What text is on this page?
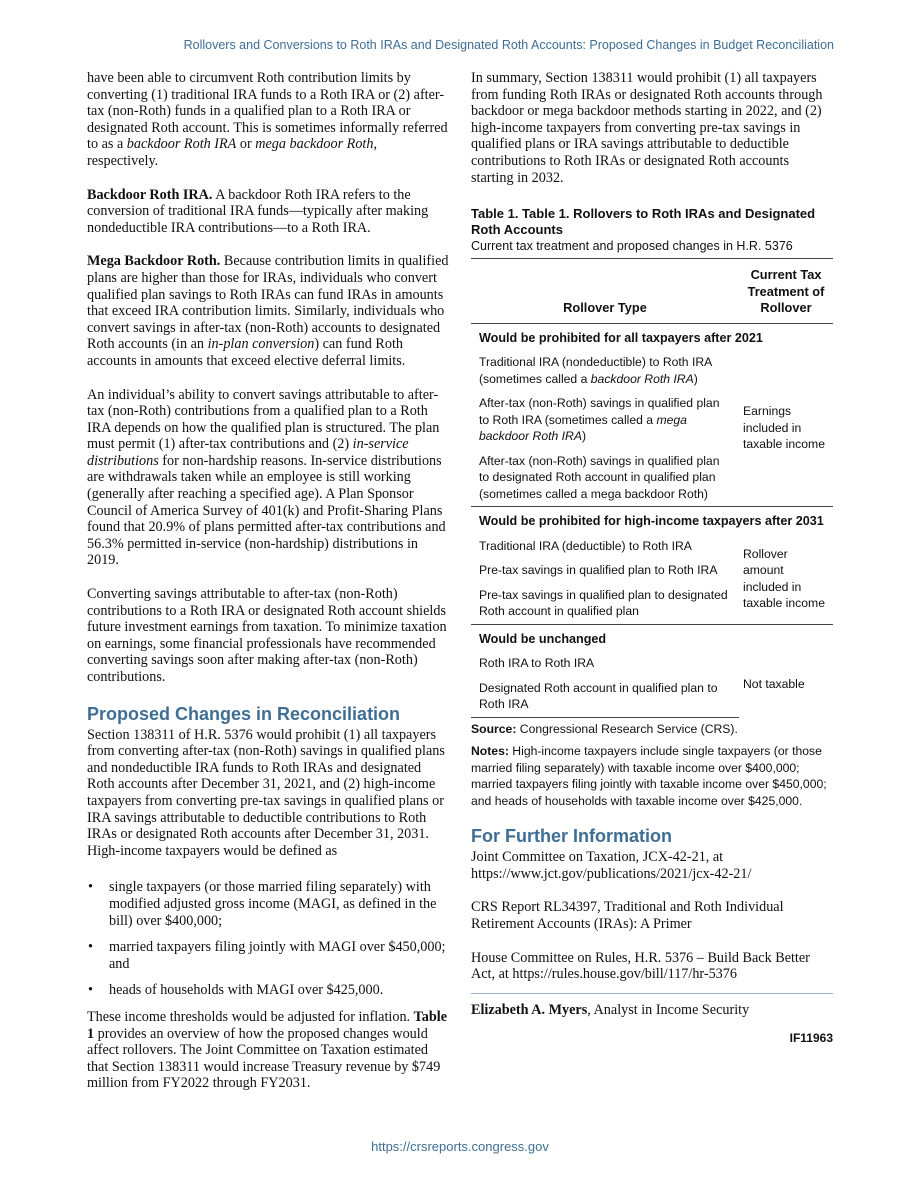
Rollovers and Conversions to Roth IRAs and Designated Roth Accounts: Proposed Changes in Budget Reconciliation

have been able to circumvent Roth contribution limits by converting (1) traditional IRA funds to a Roth IRA or (2) after-tax (non-Roth) funds in a qualified plan to a Roth IRA or designated Roth account. This is sometimes informally referred to as a backdoor Roth IRA or mega backdoor Roth, respectively.

Backdoor Roth IRA. A backdoor Roth IRA refers to the conversion of traditional IRA funds—typically after making nondeductible IRA contributions—to a Roth IRA.

Mega Backdoor Roth. Because contribution limits in qualified plans are higher than those for IRAs, individuals who convert qualified plan savings to Roth IRAs can fund IRAs in amounts that exceed IRA contribution limits. Similarly, individuals who convert savings in after-tax (non-Roth) accounts to designated Roth accounts (in an in-plan conversion) can fund Roth accounts in amounts that exceed elective deferral limits.

An individual’s ability to convert savings attributable to after-tax (non-Roth) contributions from a qualified plan to a Roth IRA depends on how the qualified plan is structured. The plan must permit (1) after-tax contributions and (2) in-service distributions for non-hardship reasons. In-service distributions are withdrawals taken while an employee is still working (generally after reaching a specified age). A Plan Sponsor Council of America Survey of 401(k) and Profit-Sharing Plans found that 20.9% of plans permitted after-tax contributions and 56.3% permitted in-service (non-hardship) distributions in 2019.

Converting savings attributable to after-tax (non-Roth) contributions to a Roth IRA or designated Roth account shields future investment earnings from taxation. To minimize taxation on earnings, some financial professionals have recommended converting savings soon after making after-tax (non-Roth) contributions.

Proposed Changes in Reconciliation

Section 138311 of H.R. 5376 would prohibit (1) all taxpayers from converting after-tax (non-Roth) savings in qualified plans and nondeductible IRA funds to Roth IRAs and designated Roth accounts after December 31, 2021, and (2) high-income taxpayers from converting pre-tax savings in qualified plans or IRA savings attributable to deductible contributions to Roth IRAs or designated Roth accounts after December 31, 2031. High-income taxpayers would be defined as

• single taxpayers (or those married filing separately) with modified adjusted gross income (MAGI, as defined in the bill) over $400,000;
• married taxpayers filing jointly with MAGI over $450,000; and
• heads of households with MAGI over $425,000.

These income thresholds would be adjusted for inflation. Table 1 provides an overview of how the proposed changes would affect rollovers. The Joint Committee on Taxation estimated that Section 138311 would increase Treasury revenue by $749 million from FY2022 through FY2031.

In summary, Section 138311 would prohibit (1) all taxpayers from funding Roth IRAs or designated Roth accounts through backdoor or mega backdoor methods starting in 2022, and (2) high-income taxpayers from converting pre-tax savings in qualified plans or IRA savings attributable to deductible contributions to Roth IRAs or designated Roth accounts starting in 2032.

Table 1. Table 1. Rollovers to Roth IRAs and Designated Roth Accounts
Current tax treatment and proposed changes in H.R. 5376
Rollover Type	Current Tax Treatment of Rollover
Would be prohibited for all taxpayers after 2021	
Traditional IRA (nondeductible) to Roth IRA (sometimes called a backdoor Roth IRA)	Earnings included in taxable income
After-tax (non-Roth) savings in qualified plan to Roth IRA (sometimes called a mega backdoor Roth IRA)	
After-tax (non-Roth) savings in qualified plan to designated Roth account in qualified plan (sometimes called a mega backdoor Roth)	
Would be prohibited for high-income taxpayers after 2031	
Traditional IRA (deductible) to Roth IRA	Rollover amount included in taxable income
Pre-tax savings in qualified plan to Roth IRA	
Pre-tax savings in qualified plan to designated Roth account in qualified plan	
Would be unchanged	
Roth IRA to Roth IRA	Not taxable
Designated Roth account in qualified plan to Roth IRA	
Source: Congressional Research Service (CRS).
Notes: High-income taxpayers include single taxpayers (or those married filing separately) with taxable income over $400,000; married taxpayers filing jointly with taxable income over $450,000; and heads of households with taxable income over $425,000.
For Further Information

Joint Committee on Taxation, JCX-42-21, at https://www.jct.gov/publications/2021/jcx-42-21/

CRS Report RL34397, Traditional and Roth Individual Retirement Accounts (IRAs): A Primer

House Committee on Rules, H.R. 5376 – Build Back Better Act, at https://rules.house.gov/bill/117/hr-5376

Elizabeth A. Myers, Analyst in Income Security
IF11963
https://crsreports.congress.gov
